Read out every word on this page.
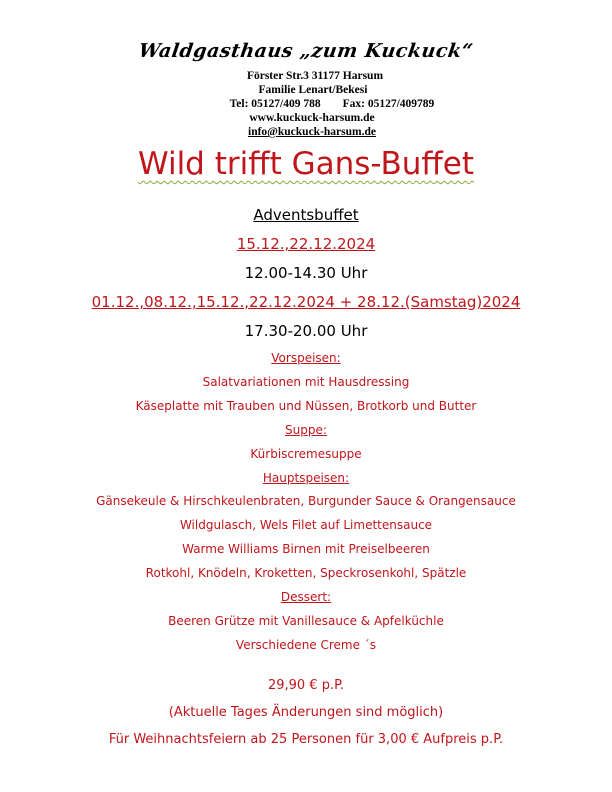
Waldgasthaus „zum Kuckuck“
Förster Str.3 31177 Harsum
Familie Lenart/Bekesi
Tel: 05127/409 788 Fax: 05127/409789
www.kuckuck-harsum.de
info@kuckuck-harsum.de
Wild trifft Gans-Buffet
Adventsbuffet
15.12.,22.12.2024
12.00-14.30 Uhr
01.12.,08.12.,15.12.,22.12.2024 + 28.12.(Samstag)2024
17.30-20.00 Uhr
Vorspeisen:
Salatvariationen mit Hausdressing
Käseplatte mit Trauben und Nüssen, Brotkorb und Butter
Suppe:
Kürbiscremesuppe
Hauptspeisen:
Gänsekeule & Hirschkeulenbraten, Burgunder Sauce & Orangensauce
Wildgulasch, Wels Filet auf Limettensauce
Warme Williams Birnen mit Preiselbeeren
Rotkohl, Knödeln, Kroketten, Speckrosenkohl, Spätzle
Dessert:
Beeren Grütze mit Vanillesauce & Apfelküchle
Verschiedene Creme ´s
29,90 € p.P.
(Aktuelle Tages Änderungen sind möglich)
Für Weihnachtsfeiern ab 25 Personen für 3,00 € Aufpreis p.P.
